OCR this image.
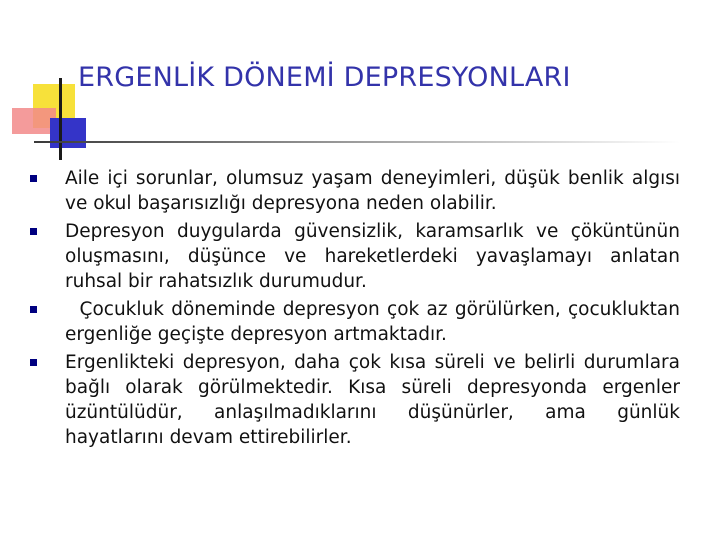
ERGENLİK DÖNEMİ DEPRESYONLARI
Aile içi sorunlar, olumsuz yaşam deneyimleri, düşük benlik algısı ve okul başarısızlığı depresyona neden olabilir.
Depresyon duygularda güvensizlik, karamsarlık ve çöküntünün oluşmasını, düşünce ve hareketlerdeki yavaşlamayı anlatan ruhsal bir rahatsızlık durumudur.
Çocukluk döneminde depresyon çok az görülürken, çocukluktan ergenliğe geçişte depresyon artmaktadır.
Ergenlikteki depresyon, daha çok kısa süreli ve belirli durumlara bağlı olarak görülmektedir. Kısa süreli depresyonda ergenler üzüntülüdür, anlaşılmadıklarını düşünürler, ama günlük hayatlarını devam ettirebilirler.
